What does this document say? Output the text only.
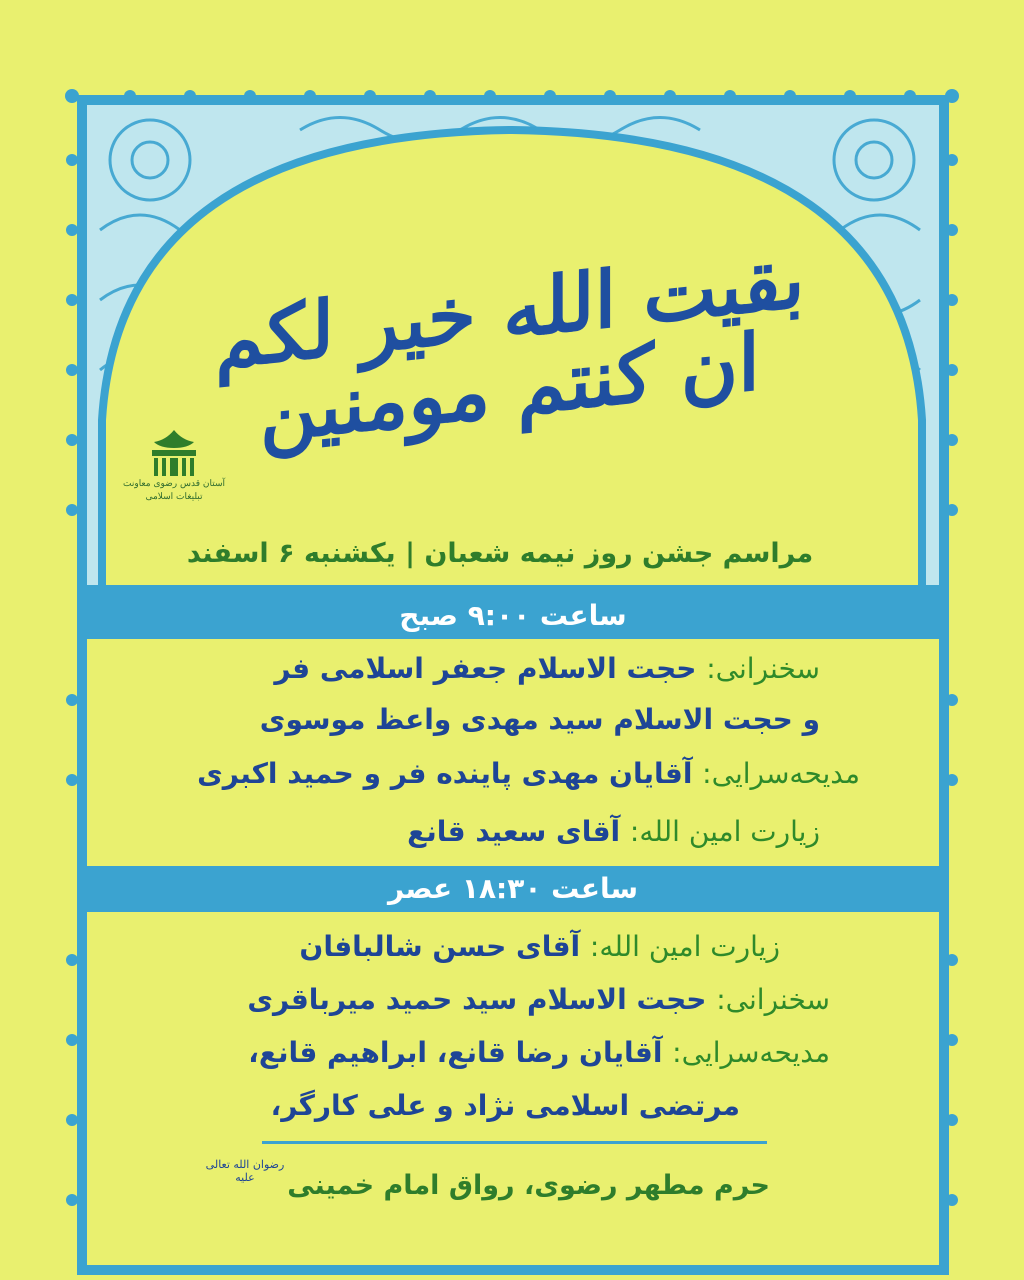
بقیت الله خیر لکم ان کنتم مومنین
آستان قدس رضوی معاونت تبلیغات اسلامی
مراسم جشن روز نیمه شعبان | یکشنبه ۶ اسفند
ساعت ۹:۰۰ صبح
سخنرانی: حجت الاسلام جعفر اسلامی فر
و حجت الاسلام سید مهدی واعظ موسوی
مدیحه‌سرایی: آقایان مهدی پاینده فر و حمید اکبری
زیارت امین الله: آقای سعید قانع
ساعت ۱۸:۳۰ عصر
زیارت امین الله: آقای حسن شالبافان
سخنرانی: حجت الاسلام سید حمید میرباقری
مدیحه‌سرایی: آقایان رضا قانع، ابراهیم قانع،
مرتضی اسلامی نژاد و علی کارگر،
رضوان الله تعالی علیه	حرم مطهر رضوی، رواق امام خمینی
